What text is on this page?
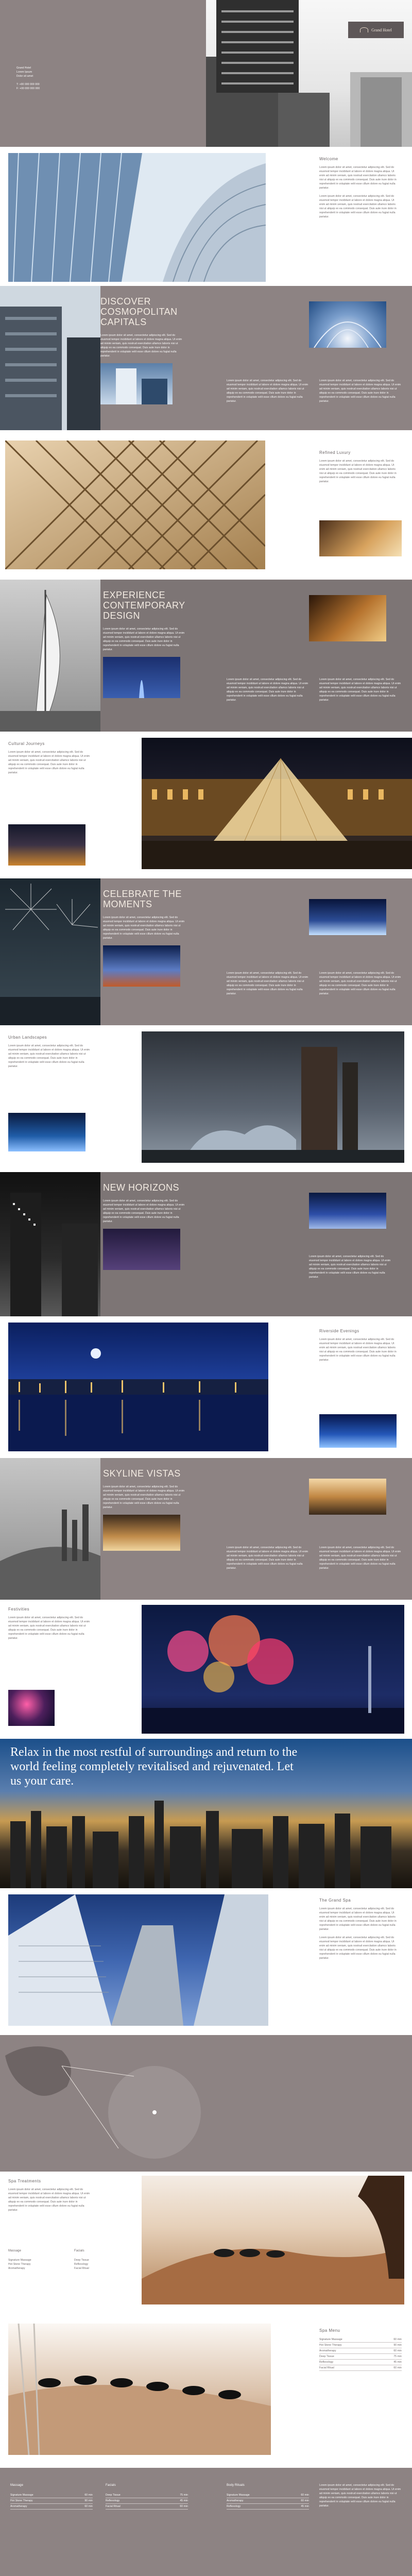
Grand Hotel
Lorem Ipsum
Dolor sit amet

T: +00 000 000 000
F: +00 000 000 000
Grand Hotel
Welcome
Lorem ipsum dolor sit amet, consectetur adipiscing elit. Sed do eiusmod tempor incididunt ut labore et dolore magna aliqua. Ut enim ad minim veniam, quis nostrud exercitation ullamco laboris nisi ut aliquip ex ea commodo consequat. Duis aute irure dolor in reprehenderit in voluptate velit esse cillum dolore eu fugiat nulla pariatur.
Lorem ipsum dolor sit amet, consectetur adipiscing elit. Sed do eiusmod tempor incididunt ut labore et dolore magna aliqua. Ut enim ad minim veniam, quis nostrud exercitation ullamco laboris nisi ut aliquip ex ea commodo consequat. Duis aute irure dolor in reprehenderit in voluptate velit esse cillum dolore eu fugiat nulla pariatur.
DISCOVER COSMOPOLITAN CAPITALS
Lorem ipsum dolor sit amet, consectetur adipiscing elit. Sed do eiusmod tempor incididunt ut labore et dolore magna aliqua. Ut enim ad minim veniam, quis nostrud exercitation ullamco laboris nisi ut aliquip ex ea commodo consequat. Duis aute irure dolor in reprehenderit in voluptate velit esse cillum dolore eu fugiat nulla pariatur.
Lorem ipsum dolor sit amet, consectetur adipiscing elit. Sed do eiusmod tempor incididunt ut labore et dolore magna aliqua. Ut enim ad minim veniam, quis nostrud exercitation ullamco laboris nisi ut aliquip ex ea commodo consequat. Duis aute irure dolor in reprehenderit in voluptate velit esse cillum dolore eu fugiat nulla pariatur.
Lorem ipsum dolor sit amet, consectetur adipiscing elit. Sed do eiusmod tempor incididunt ut labore et dolore magna aliqua. Ut enim ad minim veniam, quis nostrud exercitation ullamco laboris nisi ut aliquip ex ea commodo consequat. Duis aute irure dolor in reprehenderit in voluptate velit esse cillum dolore eu fugiat nulla pariatur.
Refined Luxury
Lorem ipsum dolor sit amet, consectetur adipiscing elit. Sed do eiusmod tempor incididunt ut labore et dolore magna aliqua. Ut enim ad minim veniam, quis nostrud exercitation ullamco laboris nisi ut aliquip ex ea commodo consequat. Duis aute irure dolor in reprehenderit in voluptate velit esse cillum dolore eu fugiat nulla pariatur.
EXPERIENCE CONTEMPORARY DESIGN
Lorem ipsum dolor sit amet, consectetur adipiscing elit. Sed do eiusmod tempor incididunt ut labore et dolore magna aliqua. Ut enim ad minim veniam, quis nostrud exercitation ullamco laboris nisi ut aliquip ex ea commodo consequat. Duis aute irure dolor in reprehenderit in voluptate velit esse cillum dolore eu fugiat nulla pariatur.
Lorem ipsum dolor sit amet, consectetur adipiscing elit. Sed do eiusmod tempor incididunt ut labore et dolore magna aliqua. Ut enim ad minim veniam, quis nostrud exercitation ullamco laboris nisi ut aliquip ex ea commodo consequat. Duis aute irure dolor in reprehenderit in voluptate velit esse cillum dolore eu fugiat nulla pariatur.
Lorem ipsum dolor sit amet, consectetur adipiscing elit. Sed do eiusmod tempor incididunt ut labore et dolore magna aliqua. Ut enim ad minim veniam, quis nostrud exercitation ullamco laboris nisi ut aliquip ex ea commodo consequat. Duis aute irure dolor in reprehenderit in voluptate velit esse cillum dolore eu fugiat nulla pariatur.
Cultural Journeys
Lorem ipsum dolor sit amet, consectetur adipiscing elit. Sed do eiusmod tempor incididunt ut labore et dolore magna aliqua. Ut enim ad minim veniam, quis nostrud exercitation ullamco laboris nisi ut aliquip ex ea commodo consequat. Duis aute irure dolor in reprehenderit in voluptate velit esse cillum dolore eu fugiat nulla pariatur.
CELEBRATE THE MOMENTS
Lorem ipsum dolor sit amet, consectetur adipiscing elit. Sed do eiusmod tempor incididunt ut labore et dolore magna aliqua. Ut enim ad minim veniam, quis nostrud exercitation ullamco laboris nisi ut aliquip ex ea commodo consequat. Duis aute irure dolor in reprehenderit in voluptate velit esse cillum dolore eu fugiat nulla pariatur.
Lorem ipsum dolor sit amet, consectetur adipiscing elit. Sed do eiusmod tempor incididunt ut labore et dolore magna aliqua. Ut enim ad minim veniam, quis nostrud exercitation ullamco laboris nisi ut aliquip ex ea commodo consequat. Duis aute irure dolor in reprehenderit in voluptate velit esse cillum dolore eu fugiat nulla pariatur.
Lorem ipsum dolor sit amet, consectetur adipiscing elit. Sed do eiusmod tempor incididunt ut labore et dolore magna aliqua. Ut enim ad minim veniam, quis nostrud exercitation ullamco laboris nisi ut aliquip ex ea commodo consequat. Duis aute irure dolor in reprehenderit in voluptate velit esse cillum dolore eu fugiat nulla pariatur.
Urban Landscapes
Lorem ipsum dolor sit amet, consectetur adipiscing elit. Sed do eiusmod tempor incididunt ut labore et dolore magna aliqua. Ut enim ad minim veniam, quis nostrud exercitation ullamco laboris nisi ut aliquip ex ea commodo consequat. Duis aute irure dolor in reprehenderit in voluptate velit esse cillum dolore eu fugiat nulla pariatur.
NEW HORIZONS
Lorem ipsum dolor sit amet, consectetur adipiscing elit. Sed do eiusmod tempor incididunt ut labore et dolore magna aliqua. Ut enim ad minim veniam, quis nostrud exercitation ullamco laboris nisi ut aliquip ex ea commodo consequat. Duis aute irure dolor in reprehenderit in voluptate velit esse cillum dolore eu fugiat nulla pariatur.
Lorem ipsum dolor sit amet, consectetur adipiscing elit. Sed do eiusmod tempor incididunt ut labore et dolore magna aliqua. Ut enim ad minim veniam, quis nostrud exercitation ullamco laboris nisi ut aliquip ex ea commodo consequat. Duis aute irure dolor in reprehenderit in voluptate velit esse cillum dolore eu fugiat nulla pariatur.
Riverside Evenings
Lorem ipsum dolor sit amet, consectetur adipiscing elit. Sed do eiusmod tempor incididunt ut labore et dolore magna aliqua. Ut enim ad minim veniam, quis nostrud exercitation ullamco laboris nisi ut aliquip ex ea commodo consequat. Duis aute irure dolor in reprehenderit in voluptate velit esse cillum dolore eu fugiat nulla pariatur.
SKYLINE VISTAS
Lorem ipsum dolor sit amet, consectetur adipiscing elit. Sed do eiusmod tempor incididunt ut labore et dolore magna aliqua. Ut enim ad minim veniam, quis nostrud exercitation ullamco laboris nisi ut aliquip ex ea commodo consequat. Duis aute irure dolor in reprehenderit in voluptate velit esse cillum dolore eu fugiat nulla pariatur.
Lorem ipsum dolor sit amet, consectetur adipiscing elit. Sed do eiusmod tempor incididunt ut labore et dolore magna aliqua. Ut enim ad minim veniam, quis nostrud exercitation ullamco laboris nisi ut aliquip ex ea commodo consequat. Duis aute irure dolor in reprehenderit in voluptate velit esse cillum dolore eu fugiat nulla pariatur.
Lorem ipsum dolor sit amet, consectetur adipiscing elit. Sed do eiusmod tempor incididunt ut labore et dolore magna aliqua. Ut enim ad minim veniam, quis nostrud exercitation ullamco laboris nisi ut aliquip ex ea commodo consequat. Duis aute irure dolor in reprehenderit in voluptate velit esse cillum dolore eu fugiat nulla pariatur.
Festivities
Lorem ipsum dolor sit amet, consectetur adipiscing elit. Sed do eiusmod tempor incididunt ut labore et dolore magna aliqua. Ut enim ad minim veniam, quis nostrud exercitation ullamco laboris nisi ut aliquip ex ea commodo consequat. Duis aute irure dolor in reprehenderit in voluptate velit esse cillum dolore eu fugiat nulla pariatur.
Relax in the most restful of surroundings and return to the world feeling completely revitalised and rejuvenated. Let us your care.
The Grand Spa
Lorem ipsum dolor sit amet, consectetur adipiscing elit. Sed do eiusmod tempor incididunt ut labore et dolore magna aliqua. Ut enim ad minim veniam, quis nostrud exercitation ullamco laboris nisi ut aliquip ex ea commodo consequat. Duis aute irure dolor in reprehenderit in voluptate velit esse cillum dolore eu fugiat nulla pariatur.
Lorem ipsum dolor sit amet, consectetur adipiscing elit. Sed do eiusmod tempor incididunt ut labore et dolore magna aliqua. Ut enim ad minim veniam, quis nostrud exercitation ullamco laboris nisi ut aliquip ex ea commodo consequat. Duis aute irure dolor in reprehenderit in voluptate velit esse cillum dolore eu fugiat nulla pariatur.
Spa Treatments
Lorem ipsum dolor sit amet, consectetur adipiscing elit. Sed do eiusmod tempor incididunt ut labore et dolore magna aliqua. Ut enim ad minim veniam, quis nostrud exercitation ullamco laboris nisi ut aliquip ex ea commodo consequat. Duis aute irure dolor in reprehenderit in voluptate velit esse cillum dolore eu fugiat nulla pariatur.
Massage
Signature Massage
Hot Stone Therapy
Aromatherapy
Facials
Deep Tissue
Reflexology
Facial Ritual
Spa Menu
Signature Massage	60 min
Hot Stone Therapy	90 min
Aromatherapy	60 min
Deep Tissue	75 min
Reflexology	45 min
Facial Ritual	60 min
Massage
Signature Massage	60 min
Hot Stone Therapy	90 min
Aromatherapy	60 min
Facials
Deep Tissue	75 min
Reflexology	45 min
Facial Ritual	60 min
Body Rituals
Signature Massage	60 min
Aromatherapy	60 min
Reflexology	45 min
Lorem ipsum dolor sit amet, consectetur adipiscing elit. Sed do eiusmod tempor incididunt ut labore et dolore magna aliqua. Ut enim ad minim veniam, quis nostrud exercitation ullamco laboris nisi ut aliquip ex ea commodo consequat. Duis aute irure dolor in reprehenderit in voluptate velit esse cillum dolore eu fugiat nulla pariatur.
